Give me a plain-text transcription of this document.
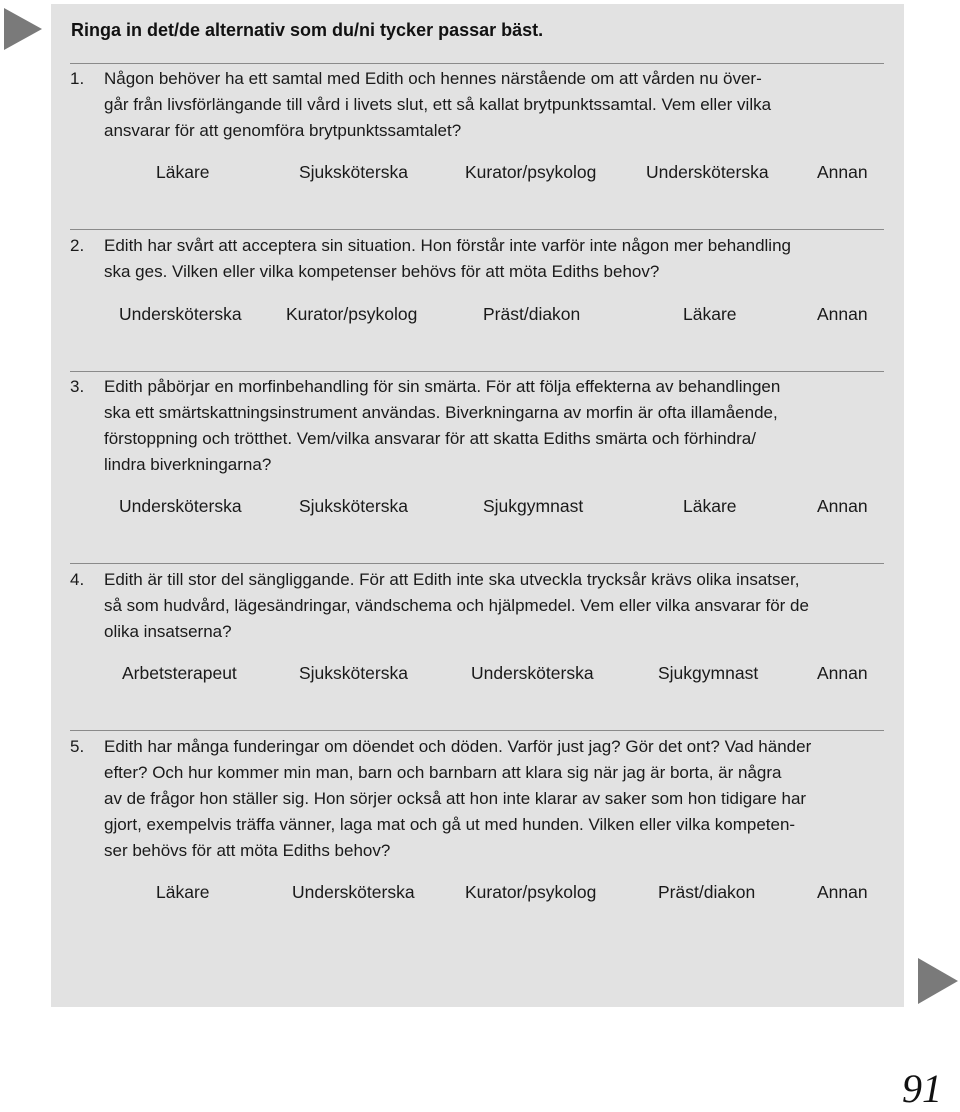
Ringa in det/de alternativ som du/ni tycker passar bäst.
1. Någon behöver ha ett samtal med Edith och hennes närstående om att vården nu över-
går från livsförlängande till vård i livets slut, ett så kallat brytpunktssamtal. Vem eller vilka
ansvarar för att genomföra brytpunktssamtalet?
Läkare	Sjuksköterska	Kurator/psykolog	Undersköterska	Annan
2. Edith har svårt att acceptera sin situation. Hon förstår inte varför inte någon mer behandling
ska ges. Vilken eller vilka kompetenser behövs för att möta Ediths behov?
Undersköterska	Kurator/psykolog	Präst/diakon	Läkare	Annan
3. Edith påbörjar en morfinbehandling för sin smärta. För att följa effekterna av behandlingen
ska ett smärtskattningsinstrument användas. Biverkningarna av morfin är ofta illamående,
förstoppning och trötthet. Vem/vilka ansvarar för att skatta Ediths smärta och förhindra/
lindra biverkningarna?
Undersköterska	Sjuksköterska	Sjukgymnast	Läkare	Annan
4. Edith är till stor del sängliggande. För att Edith inte ska utveckla trycksår krävs olika insatser,
så som hudvård, lägesändringar, vändschema och hjälpmedel. Vem eller vilka ansvarar för de
olika insatserna?
Arbetsterapeut	Sjuksköterska	Undersköterska	Sjukgymnast	Annan
5. Edith har många funderingar om döendet och döden. Varför just jag? Gör det ont? Vad händer
efter? Och hur kommer min man, barn och barnbarn att klara sig när jag är borta, är några
av de frågor hon ställer sig. Hon sörjer också att hon inte klarar av saker som hon tidigare har
gjort, exempelvis träffa vänner, laga mat och gå ut med hunden. Vilken eller vilka kompeten-
ser behövs för att möta Ediths behov?
Läkare	Undersköterska	Kurator/psykolog	Präst/diakon	Annan
91
